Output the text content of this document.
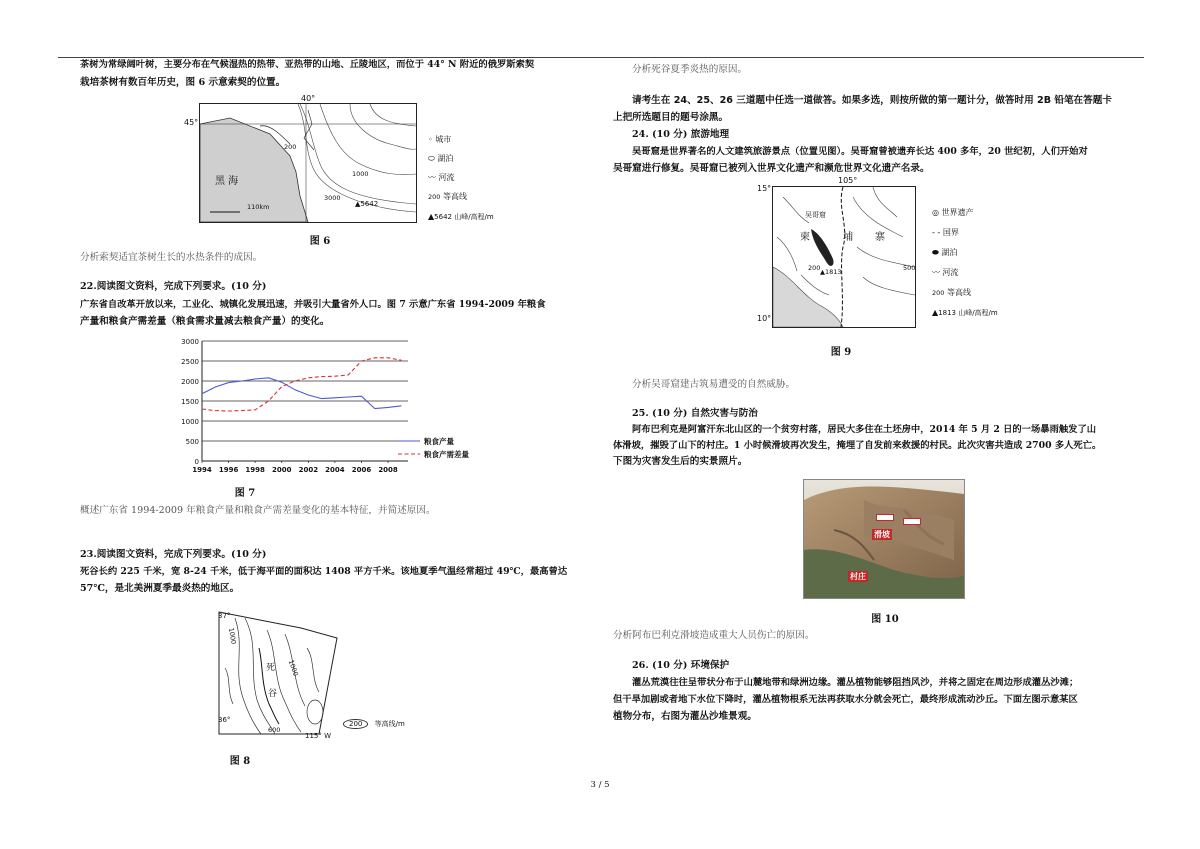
茶树为常绿阔叶树，主要分布在气候湿热的热带、亚热带的山地、丘陵地区，而位于 44° N 附近的俄罗斯索契

栽培茶树有数百年历史，图 6 示意索契的位置。

40°
45°
黑 海
110km
200
1000
3000
▲5642
◦ 城市
⬭ 湖泊
〰 河流
200 等高线
▲5642 山峰/高程/m
图 6
分析索契适宜茶树生长的水热条件的成因。
22.阅读图文资料，完成下列要求。(10 分)
广东省自改革开放以来，工业化、城镇化发展迅速，并吸引大量省外人口。图 7 示意广东省 1994-2009 年粮食
产量和粮食产需差量（粮食需求量减去粮食产量）的变化。
0
500
1000
1500
2000
2500
3000
1994 1996 1998 2000 2002 2004 2006 2008
粮食产量
粮食产需差量
图 7
概述广东省 1994-2009 年粮食产量和粮食产需差量变化的基本特征，并简述原因。
23.阅读图文资料，完成下列要求。(10 分)
死谷长约 225 千米，宽 8-24 千米，低于海平面的面积达 1408 平方千米。该地夏季气温经常超过 49℃，最高曾达
57℃，是北美洲夏季最炎热的地区。
37°
36°
115° W
死
谷
1000
1000
600
200 等高线/m
图 8
分析死谷夏季炎热的原因。
请考生在 24、25、26 三道题中任选一道做答。如果多选，则按所做的第一题计分，做答时用 2B 铅笔在答题卡
上把所选题目的题号涂黑。
24. (10 分) 旅游地理
吴哥窟是世界著名的人文建筑旅游景点（位置见图）。吴哥窟曾被遗弃长达 400 多年，20 世纪初，人们开始对
吴哥窟进行修复。吴哥窟已被列入世界文化遗产和濒危世界文化遗产名录。
105°
15°
10°
吴哥窟
柬	埔 寨
200 ▲1813	500
◎ 世界遗产
- - 国界
⬬ 湖泊
〰 河流
200 等高线
▲1813 山峰/高程/m
图 9
分析吴哥窟建古筑易遭受的自然威胁。
25. (10 分) 自然灾害与防治
阿布巴利克是阿富汗东北山区的一个贫穷村落，居民大多住在土坯房中，2014 年 5 月 2 日的一场暴雨触发了山
体滑坡，摧毁了山下的村庄。1 小时候滑坡再次发生，掩埋了自发前来救援的村民。此次灾害共造成 2700 多人死亡。
下图为灾害发生后的实景照片。
滑坡
村庄
图 10
分析阿布巴利克滑坡造成重大人员伤亡的原因。
26. (10 分) 环境保护
灌丛荒漠往往呈带状分布于山麓地带和绿洲边缘。灌丛植物能够阻挡风沙，并将之固定在周边形成灌丛沙滩；
但干旱加剧或者地下水位下降时，灌丛植物根系无法再获取水分就会死亡，最终形成流动沙丘。下面左图示意某区
植物分布，右图为灌丛沙堆景观。
3 / 5
